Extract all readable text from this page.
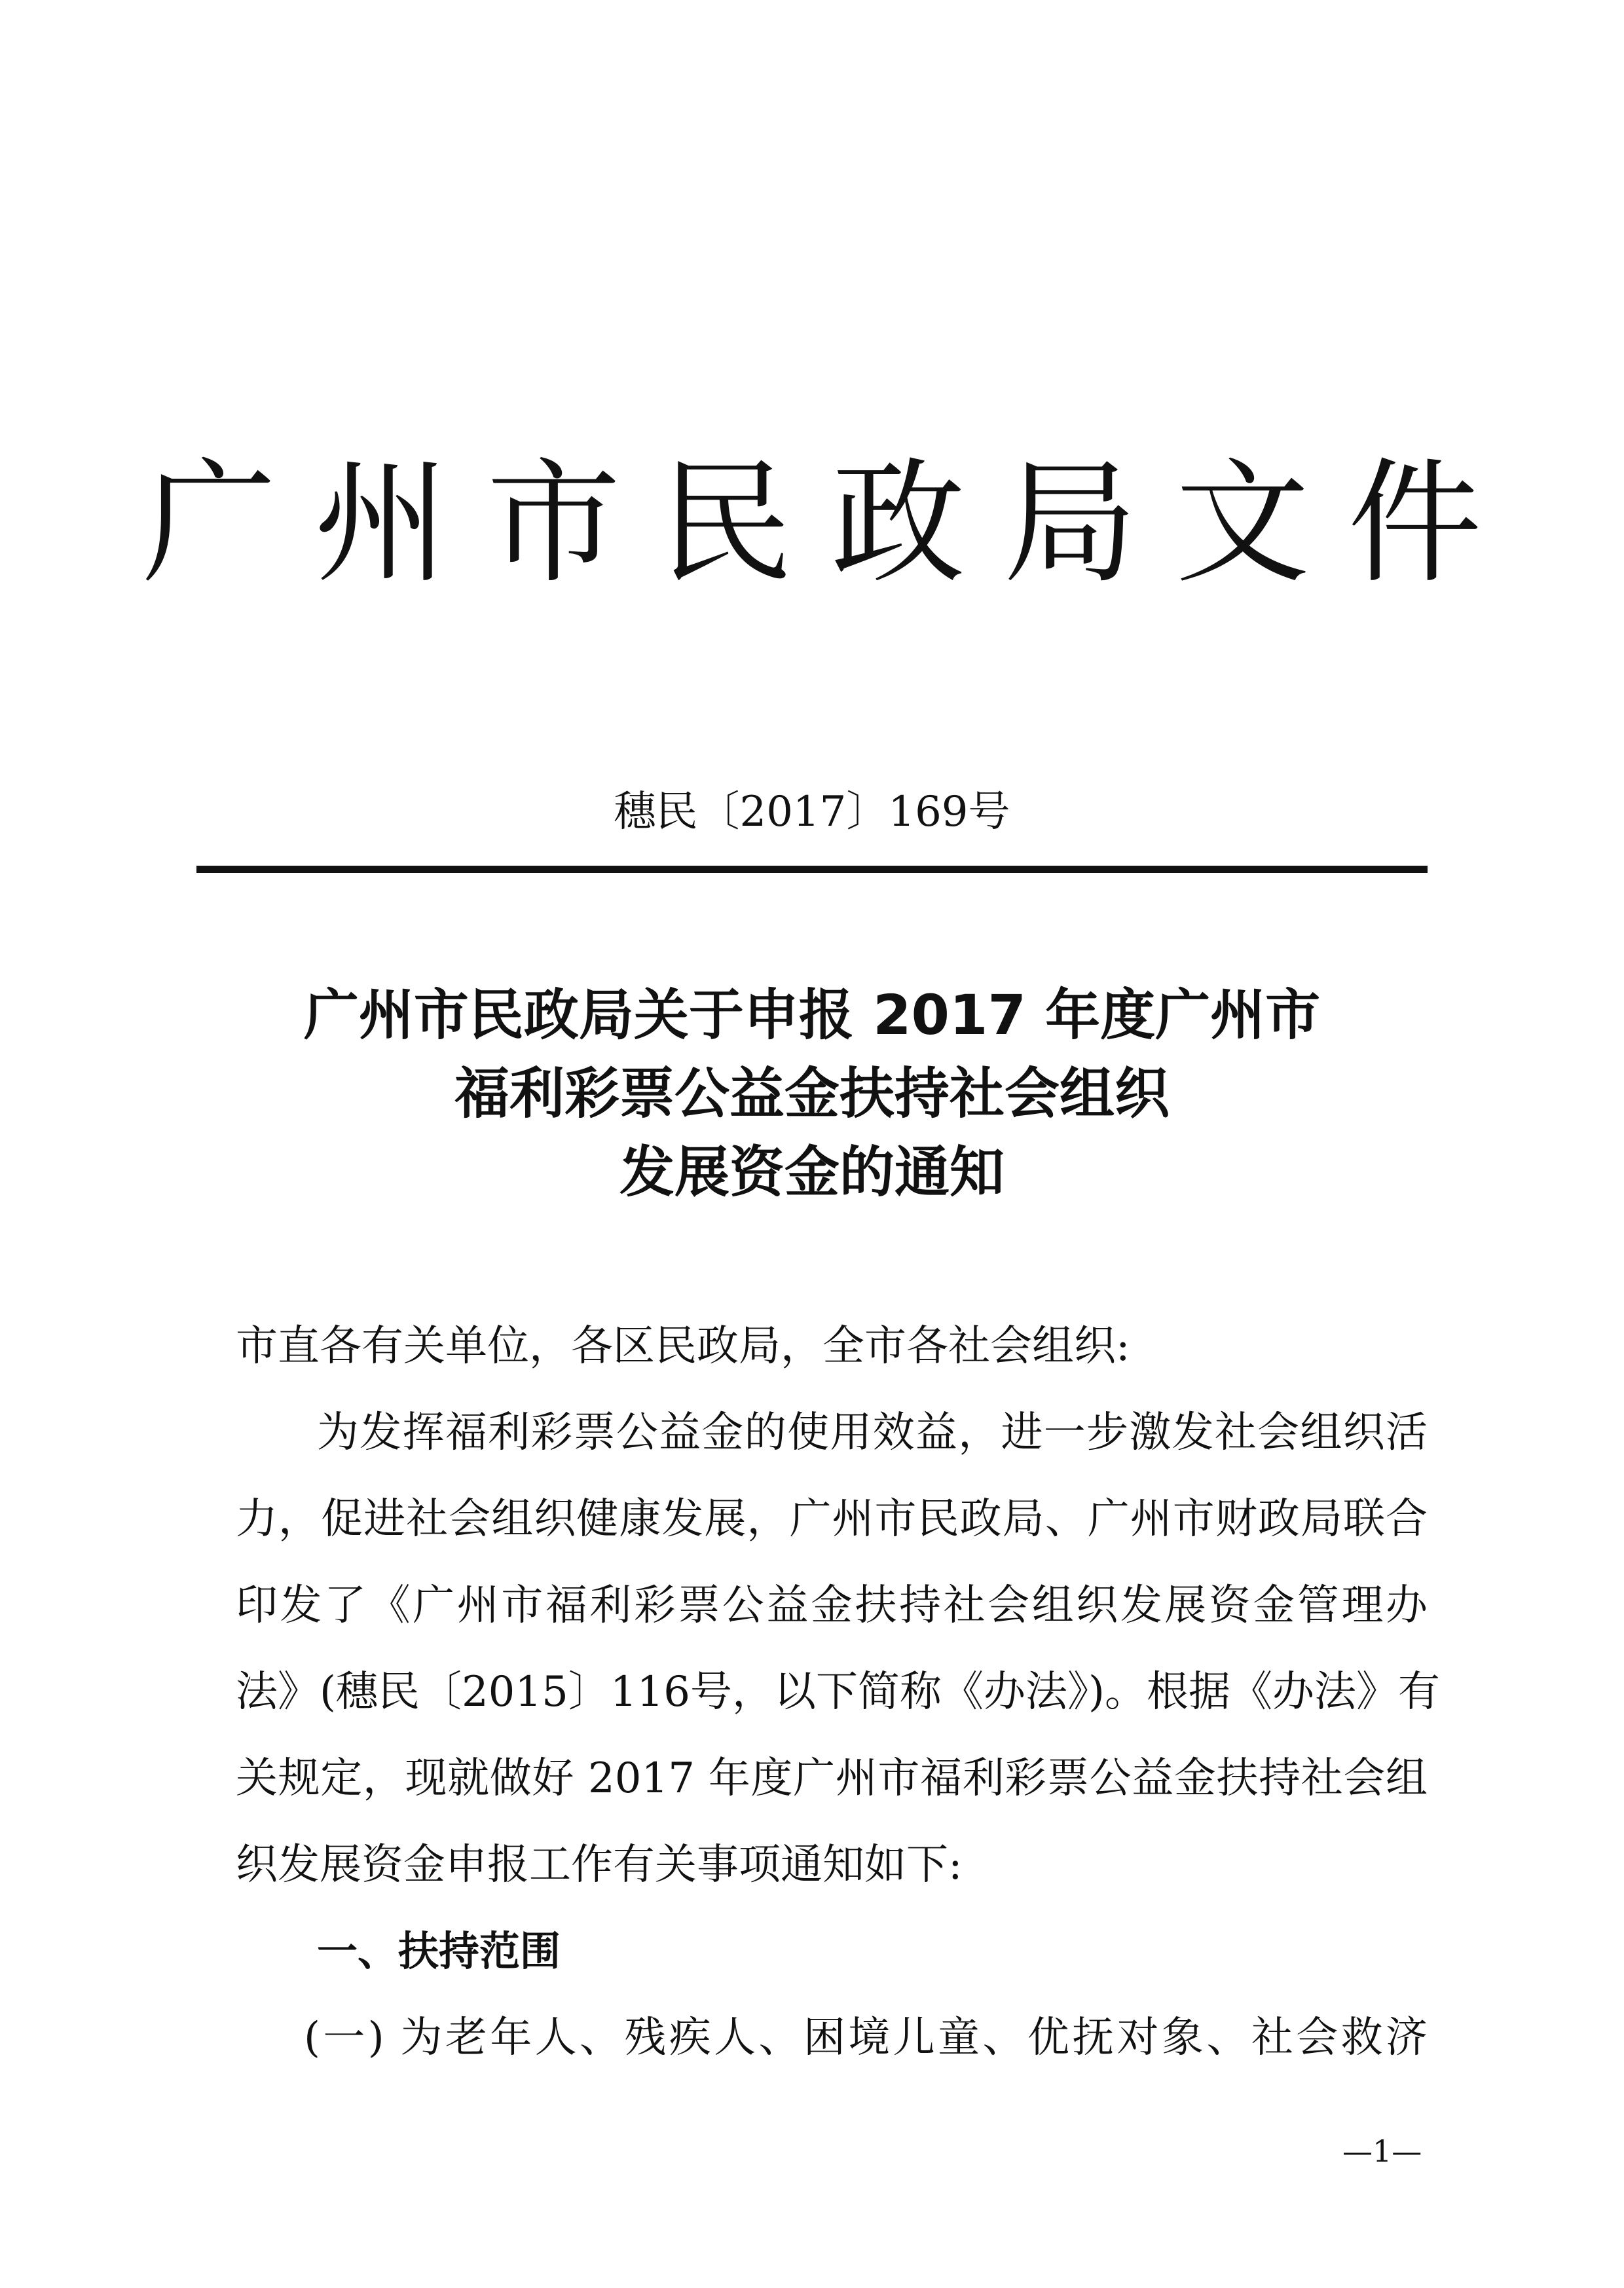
广州市民政局文件
穗民〔2017〕169号
广州市民政局关于申报 2017 年度广州市
福利彩票公益金扶持社会组织
发展资金的通知
市直各有关单位，各区民政局，全市各社会组织:
为发挥福利彩票公益金的使用效益，进一步激发社会组织活
力，促进社会组织健康发展，广州市民政局、广州市财政局联合
印发了《广州市福利彩票公益金扶持社会组织发展资金管理办
法》(穗民〔2015〕116号，以下简称《办法》)。根据《办法》有
关规定，现就做好 2017 年度广州市福利彩票公益金扶持社会组
织发展资金申报工作有关事项通知如下:
一、扶持范围
(一) 为老年人、残疾人、困境儿童、优抚对象、社会救济
—1—
